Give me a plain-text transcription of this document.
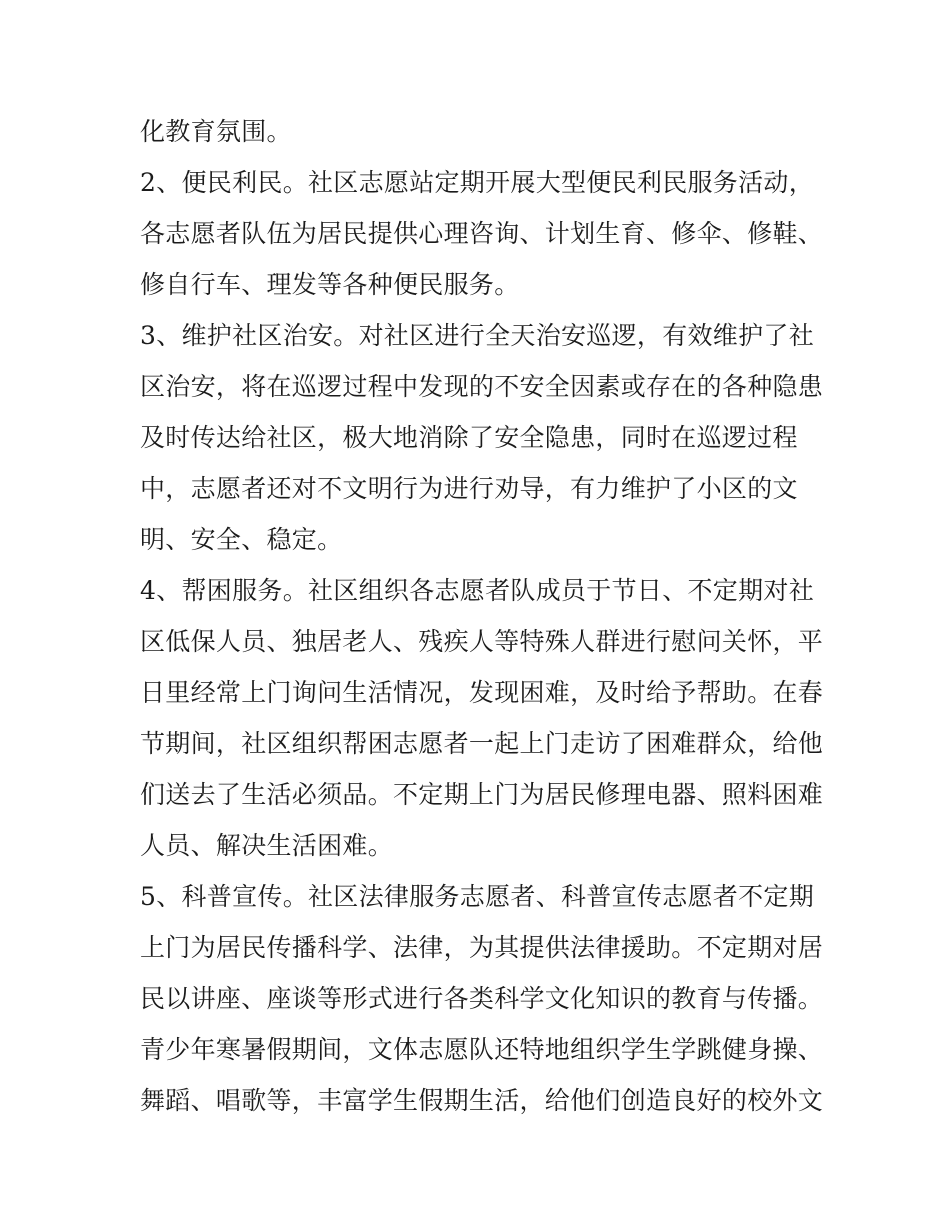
化教育氛围。
2、便民利民。社区志愿站定期开展大型便民利民服务活动，
各志愿者队伍为居民提供心理咨询、计划生育、修伞、修鞋、
修自行车、理发等各种便民服务。
3、维护社区治安。对社区进行全天治安巡逻，有效维护了社
区治安，将在巡逻过程中发现的不安全因素或存在的各种隐患
及时传达给社区，极大地消除了安全隐患，同时在巡逻过程
中，志愿者还对不文明行为进行劝导，有力维护了小区的文
明、安全、稳定。
4、帮困服务。社区组织各志愿者队成员于节日、不定期对社
区低保人员、独居老人、残疾人等特殊人群进行慰问关怀，平
日里经常上门询问生活情况，发现困难，及时给予帮助。在春
节期间，社区组织帮困志愿者一起上门走访了困难群众，给他
们送去了生活必须品。不定期上门为居民修理电器、照料困难
人员、解决生活困难。
5、科普宣传。社区法律服务志愿者、科普宣传志愿者不定期
上门为居民传播科学、法律，为其提供法律援助。不定期对居
民以讲座、座谈等形式进行各类科学文化知识的教育与传播。
青少年寒暑假期间，文体志愿队还特地组织学生学跳健身操、
舞蹈、唱歌等，丰富学生假期生活，给他们创造良好的校外文
